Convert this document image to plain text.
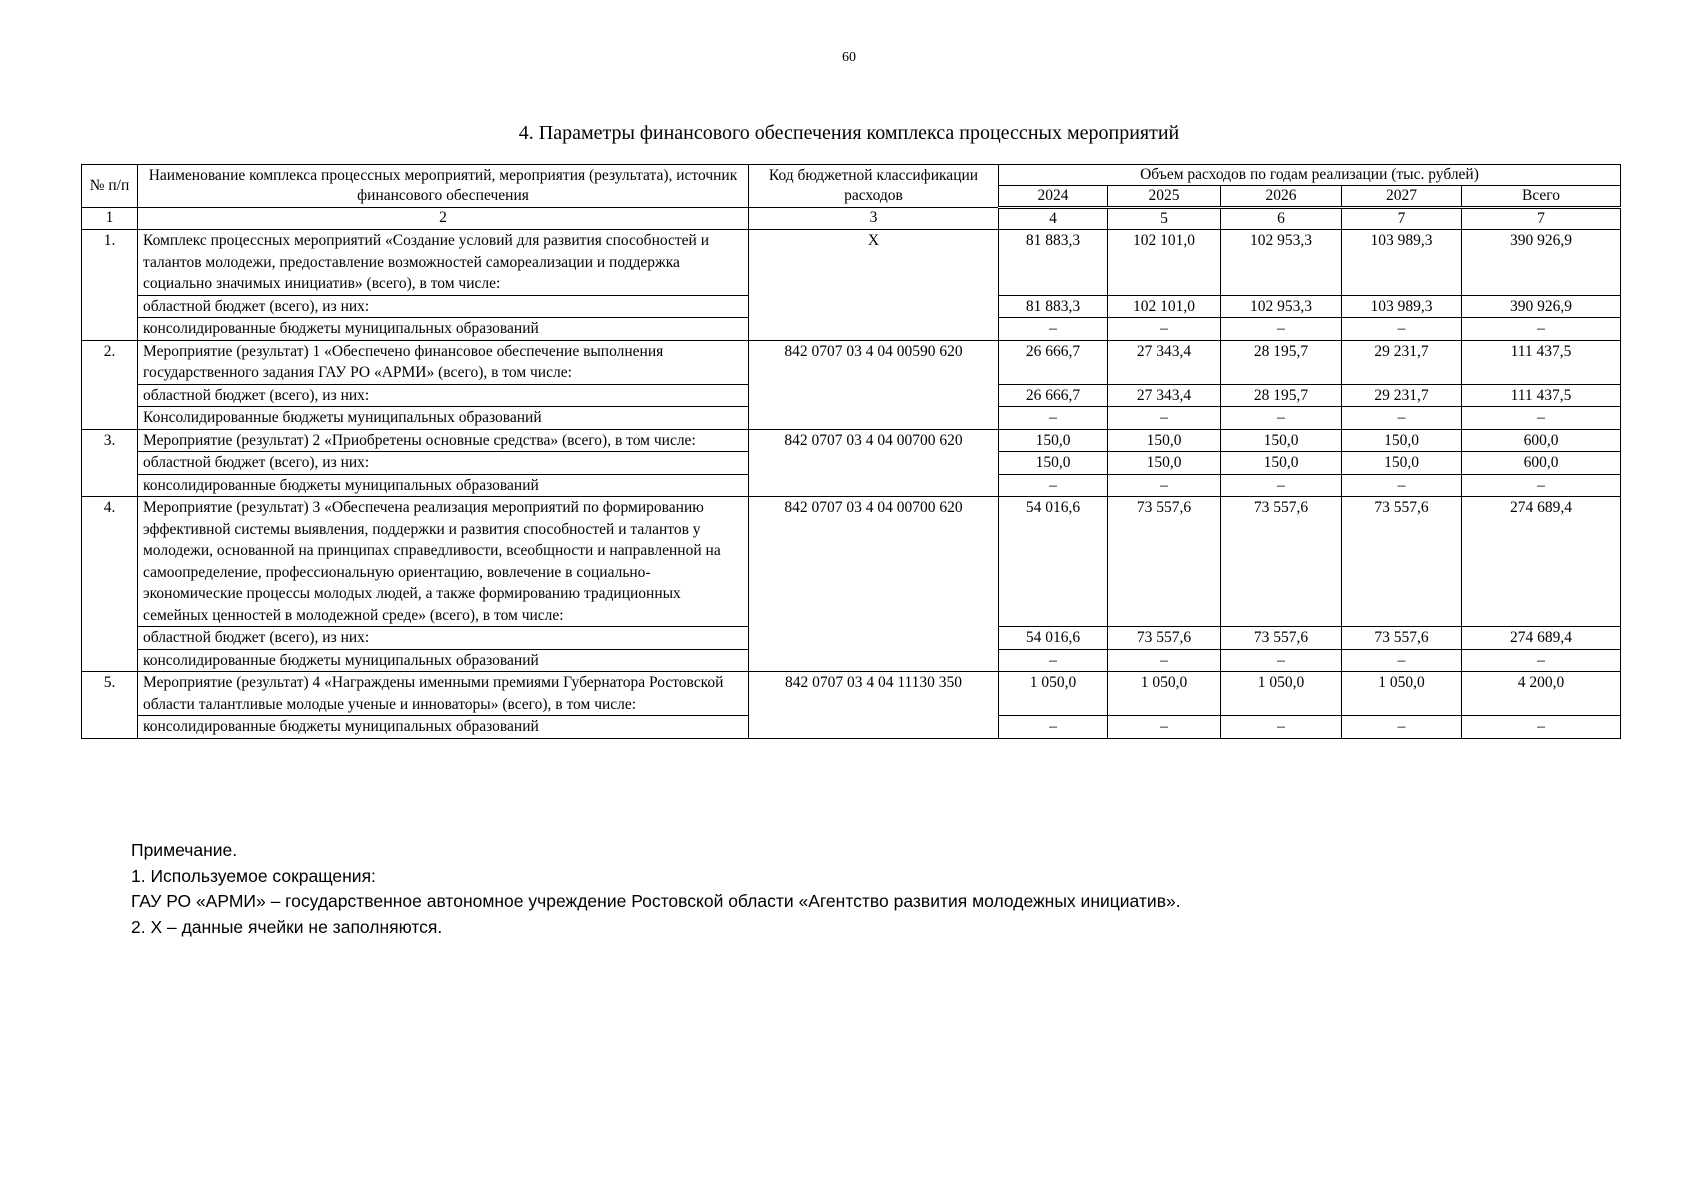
60
4. Параметры финансового обеспечения комплекса процессных мероприятий
№ п/п	Наименование комплекса процессных мероприятий, мероприятия (результата), источник финансового обеспечения	Код бюджетной классификации расходов	Объем расходов по годам реализации (тыс. рублей)				
			2024	2025	2026	2027	Всего
1	2	3	4	5	6	7	7
1.	Комплекс процессных мероприятий «Создание условий для развития способностей и талантов молодежи, предоставление возможностей самореализации и поддержка социально значимых инициатив» (всего), в том числе:	X	81 883,3	102 101,0	102 953,3	103 989,3	390 926,9
	областной бюджет (всего), из них:		81 883,3	102 101,0	102 953,3	103 989,3	390 926,9
	консолидированные бюджеты муниципальных образований		–	–	–	–	–
2.	Мероприятие (результат) 1 «Обеспечено финансовое обеспечение выполнения государственного задания ГАУ РО «АРМИ» (всего), в том числе:	842 0707 03 4 04 00590 620	26 666,7	27 343,4	28 195,7	29 231,7	111 437,5
	областной бюджет (всего), из них:		26 666,7	27 343,4	28 195,7	29 231,7	111 437,5
	Консолидированные бюджеты муниципальных образований		–	–	–	–	–
3.	Мероприятие (результат) 2 «Приобретены основные средства» (всего), в том числе:	842 0707 03 4 04 00700 620	150,0	150,0	150,0	150,0	600,0
	областной бюджет (всего), из них:		150,0	150,0	150,0	150,0	600,0
	консолидированные бюджеты муниципальных образований		–	–	–	–	–
4.	Мероприятие (результат) 3 «Обеспечена реализация мероприятий по формированию эффективной системы выявления, поддержки и развития способностей и талантов у молодежи, основанной на принципах справедливости, всеобщности и направленной на самоопределение, профессиональную ориентацию, вовлечение в социально-экономические процессы молодых людей, а также формированию традиционных семейных ценностей в молодежной среде» (всего), в том числе:	842 0707 03 4 04 00700 620	54 016,6	73 557,6	73 557,6	73 557,6	274 689,4
	областной бюджет (всего), из них:		54 016,6	73 557,6	73 557,6	73 557,6	274 689,4
	консолидированные бюджеты муниципальных образований		–	–	–	–	–
5.	Мероприятие (результат) 4 «Награждены именными премиями Губернатора Ростовской области талантливые молодые ученые и инноваторы» (всего), в том числе:	842 0707 03 4 04 11130 350	1 050,0	1 050,0	1 050,0	1 050,0	4 200,0
	консолидированные бюджеты муниципальных образований		–	–	–	–	–
Примечание.
1. Используемое сокращения:
ГАУ РО «АРМИ» – государственное автономное учреждение Ростовской области «Агентство развития молодежных инициатив».
2. Х – данные ячейки не заполняются.
